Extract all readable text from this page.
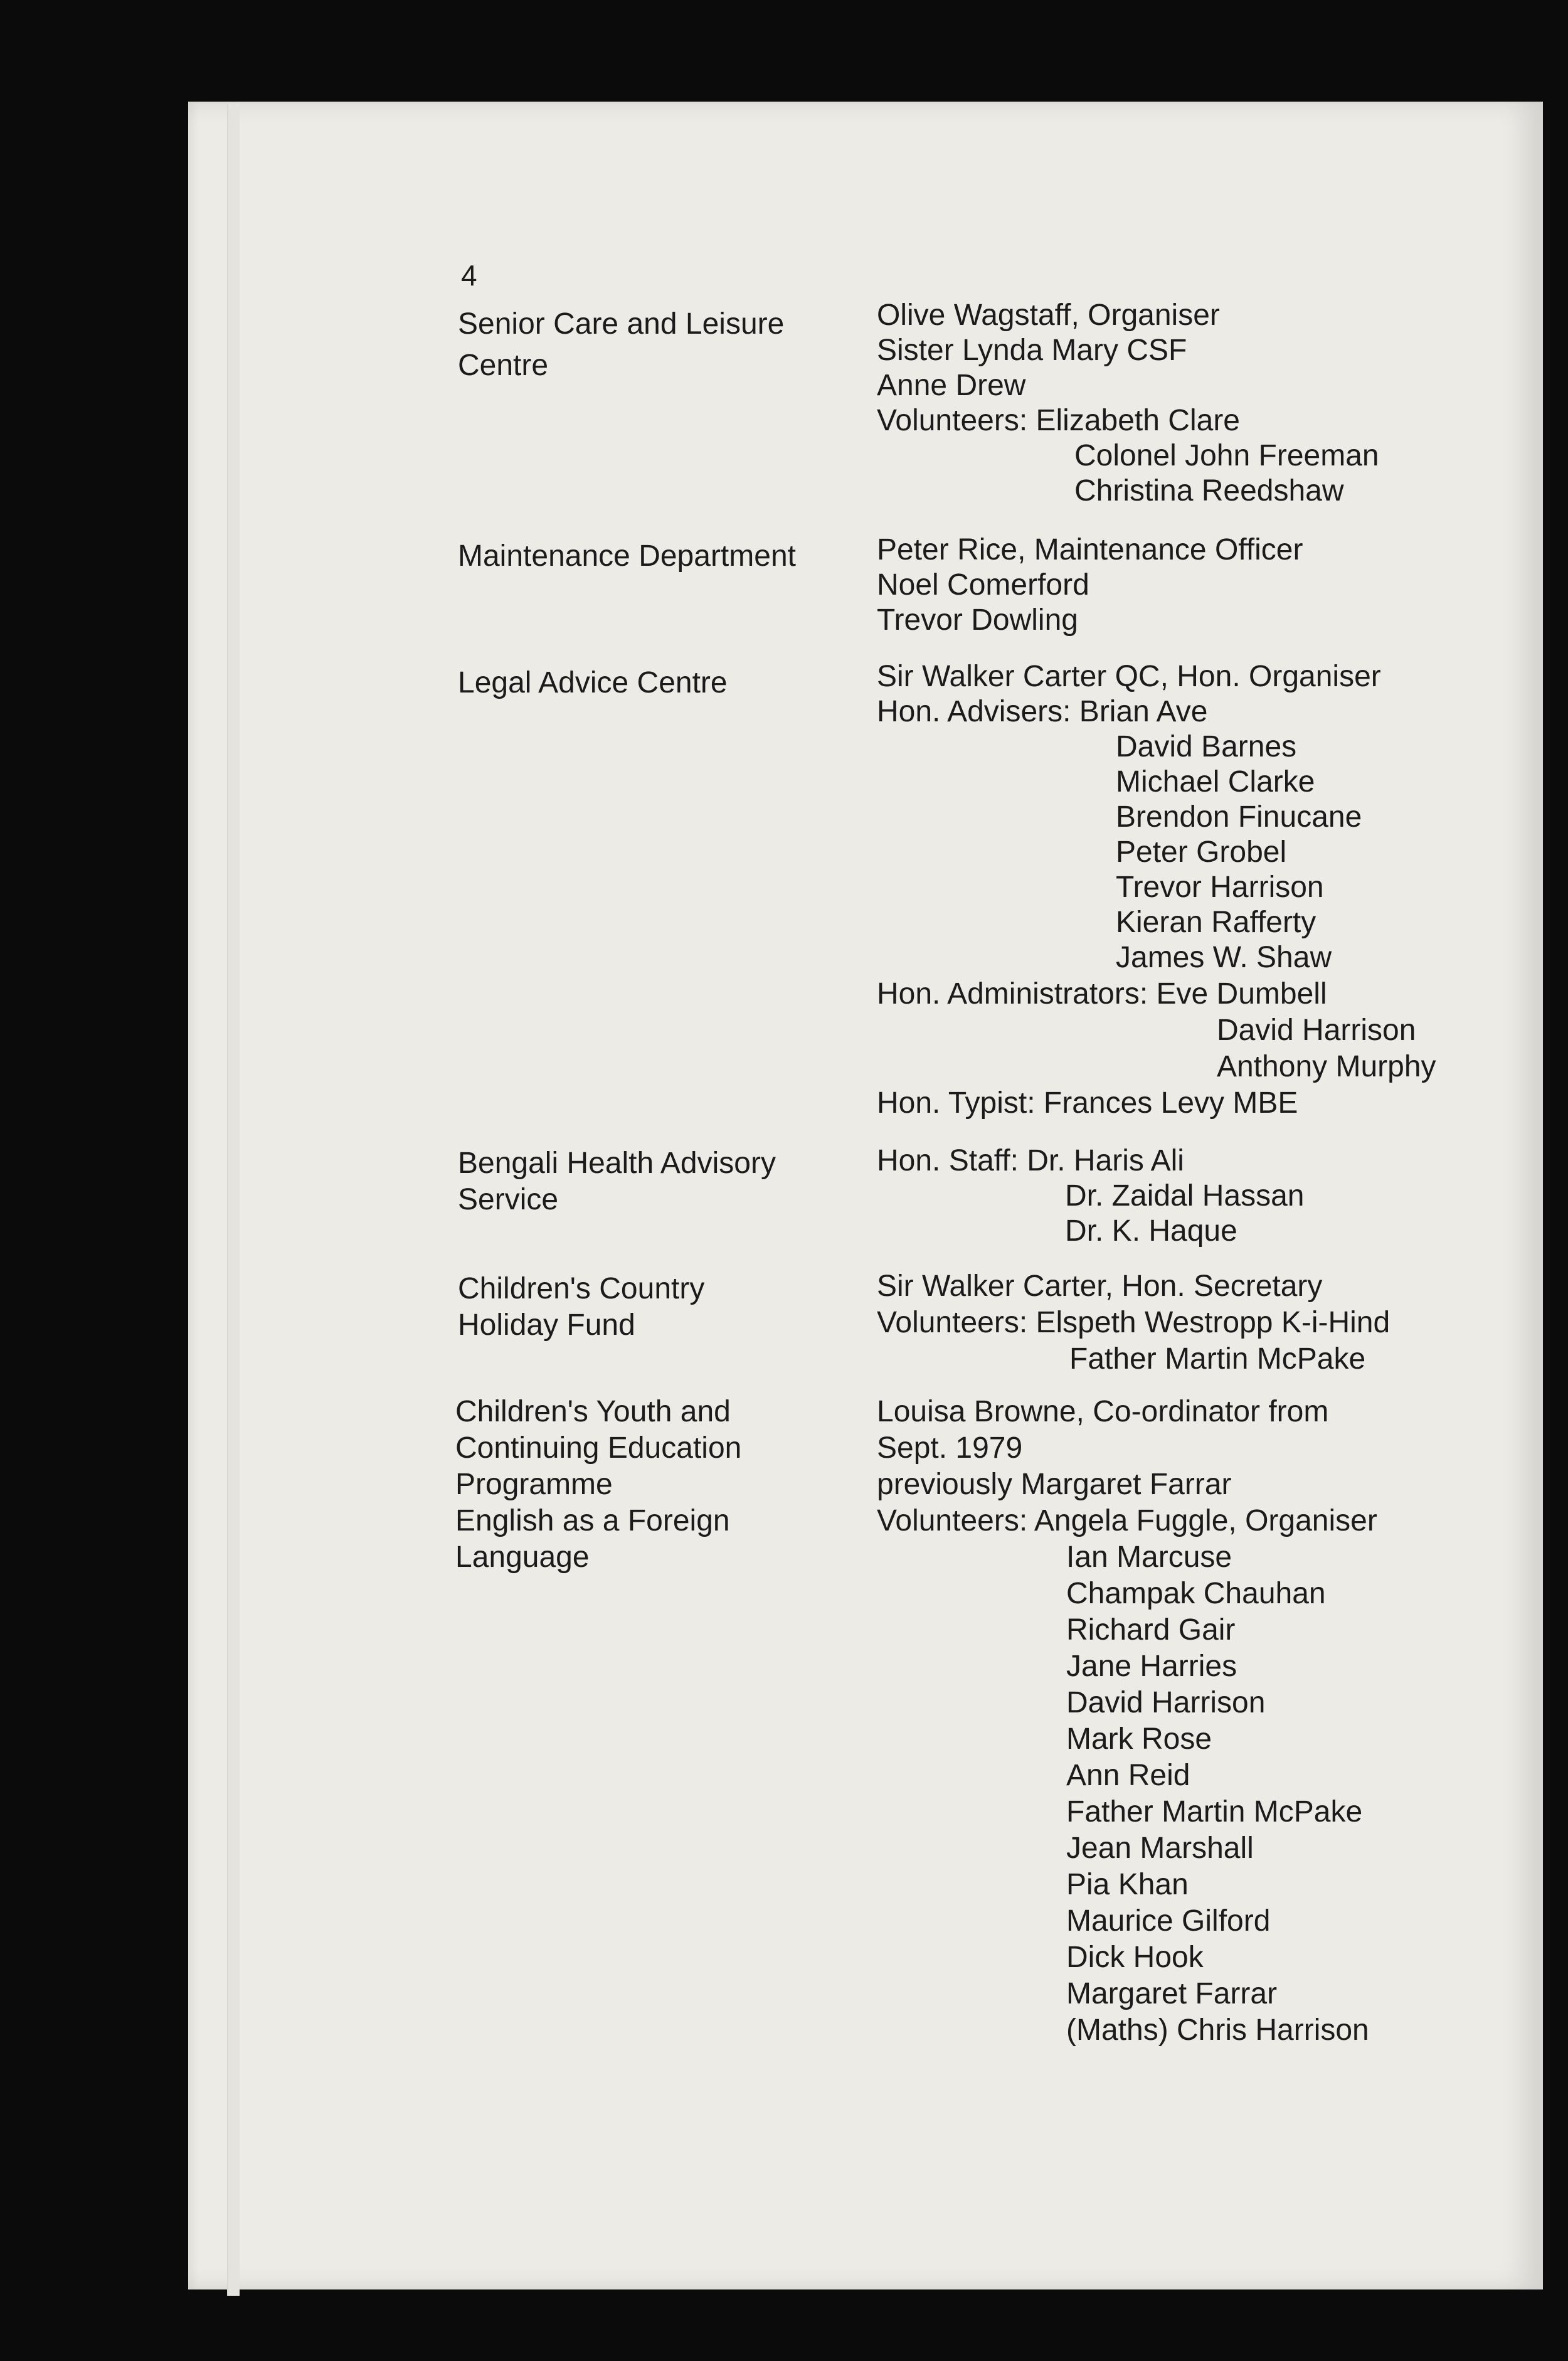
4
Senior Care and Leisure
Centre
Olive Wagstaff, Organiser
Sister Lynda Mary CSF
Anne Drew
Volunteers: Elizabeth Clare
Colonel John Freeman
Christina Reedshaw
Maintenance Department	Peter Rice, Maintenance Officer
Noel Comerford
Trevor Dowling
Legal Advice Centre	Sir Walker Carter QC, Hon. Organiser
Hon. Advisers: Brian Ave
David Barnes
Michael Clarke
Brendon Finucane
Peter Grobel
Trevor Harrison
Kieran Rafferty
James W. Shaw
Hon. Administrators: Eve Dumbell
David Harrison
Anthony Murphy
Hon. Typist: Frances Levy MBE
Bengali Health Advisory
Service
Hon. Staff: Dr. Haris Ali
Dr. Zaidal Hassan
Dr. K. Haque
Children's Country
Holiday Fund
Sir Walker Carter, Hon. Secretary
Volunteers: Elspeth Westropp K-i-Hind
Father Martin McPake
Children's Youth and
Continuing Education
Programme
English as a Foreign
Language
Louisa Browne, Co-ordinator from
Sept. 1979
previously Margaret Farrar
Volunteers: Angela Fuggle, Organiser
Ian Marcuse
Champak Chauhan
Richard Gair
Jane Harries
David Harrison
Mark Rose
Ann Reid
Father Martin McPake
Jean Marshall
Pia Khan
Maurice Gilford
Dick Hook
Margaret Farrar
(Maths) Chris Harrison
